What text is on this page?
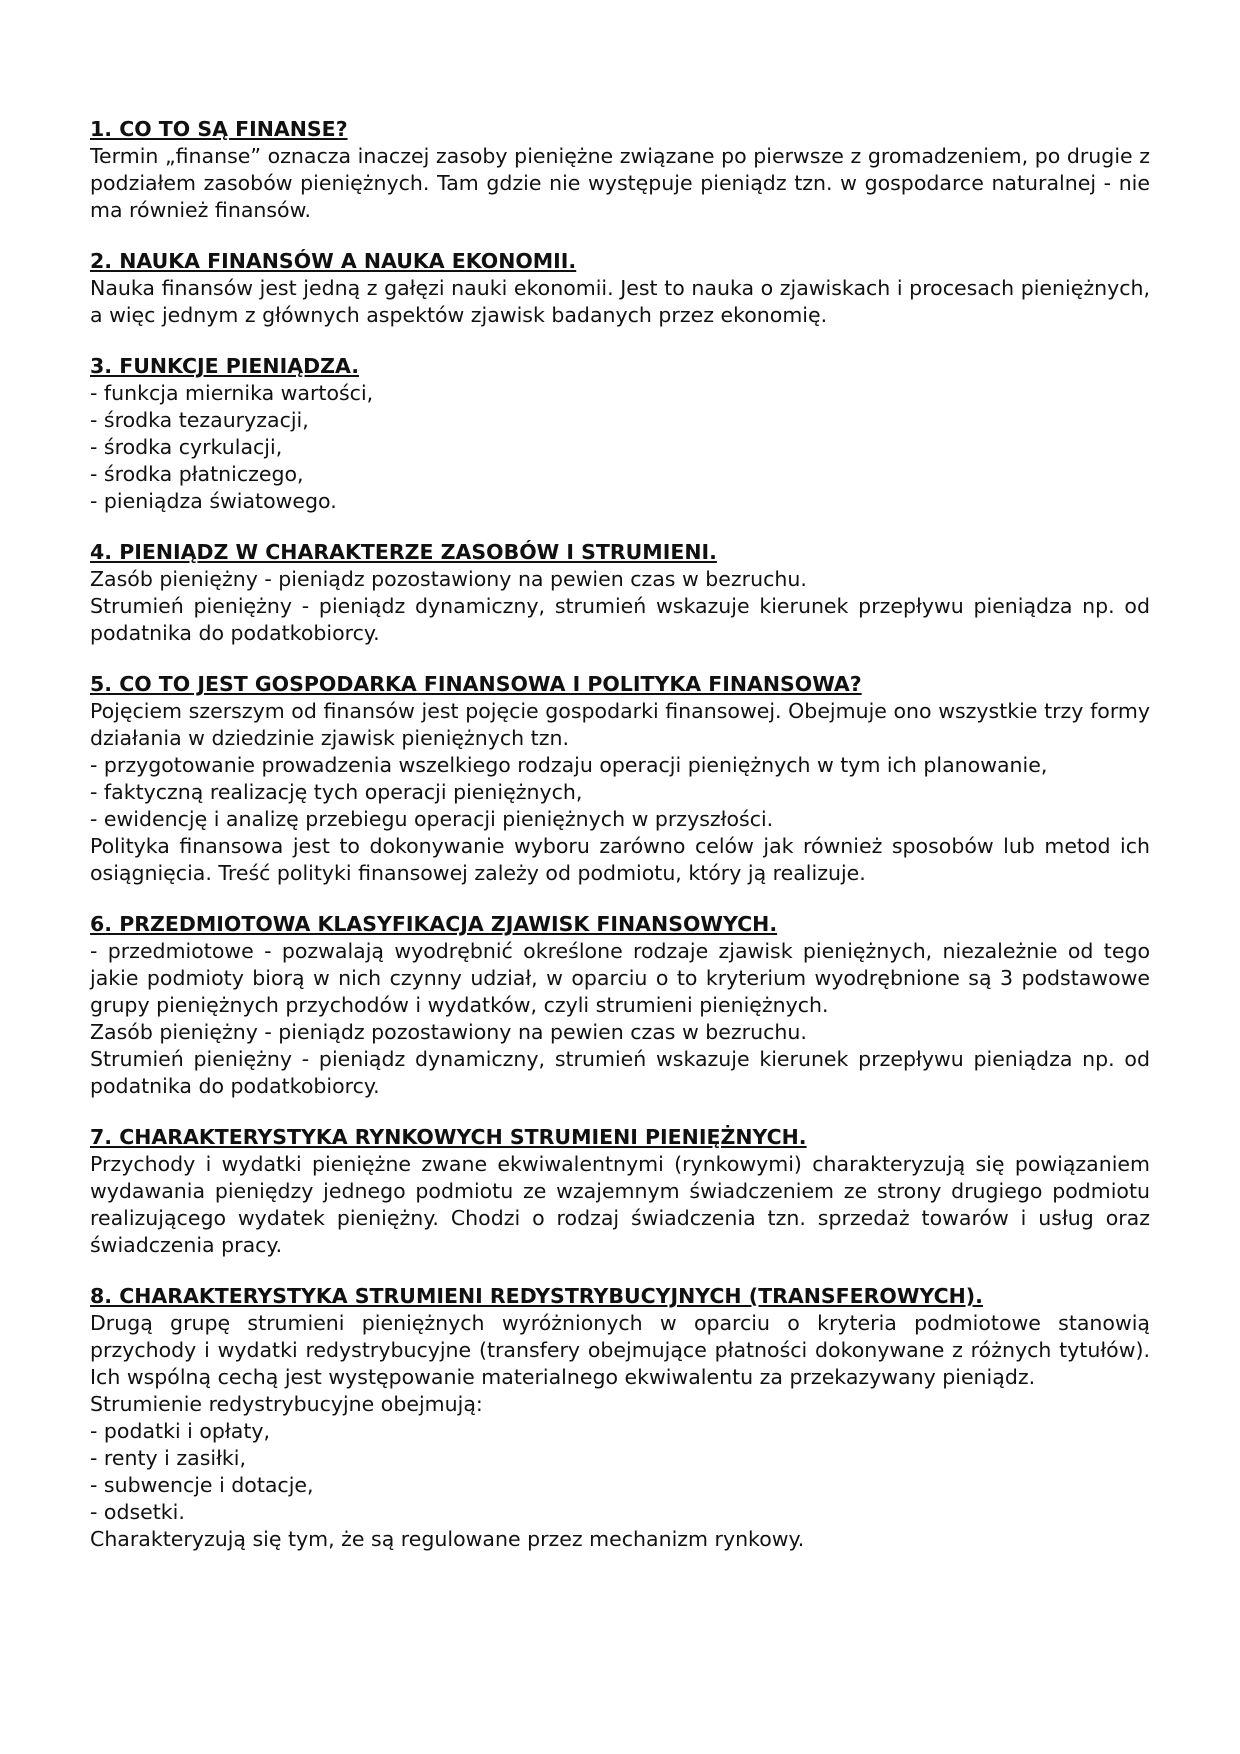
1. CO TO SĄ FINANSE?

Termin „finanse” oznacza inaczej zasoby pieniężne związane po pierwsze z gromadzeniem, po drugie z podziałem zasobów pieniężnych. Tam gdzie nie występuje pieniądz tzn. w gospodarce naturalnej - nie ma również finansów.

2. NAUKA FINANSÓW A NAUKA EKONOMII.

Nauka finansów jest jedną z gałęzi nauki ekonomii. Jest to nauka o zjawiskach i procesach pieniężnych, a więc jednym z głównych aspektów zjawisk badanych przez ekonomię.

3. FUNKCJE PIENIĄDZA.

- funkcja miernika wartości,

- środka tezauryzacji,

- środka cyrkulacji,

- środka płatniczego,

- pieniądza światowego.

4. PIENIĄDZ W CHARAKTERZE ZASOBÓW I STRUMIENI.

Zasób pieniężny - pieniądz pozostawiony na pewien czas w bezruchu.

Strumień pieniężny - pieniądz dynamiczny, strumień wskazuje kierunek przepływu pieniądza np. od podatnika do podatkobiorcy.

5. CO TO JEST GOSPODARKA FINANSOWA I POLITYKA FINANSOWA?

Pojęciem szerszym od finansów jest pojęcie gospodarki finansowej. Obejmuje ono wszystkie trzy formy działania w dziedzinie zjawisk pieniężnych tzn.

- przygotowanie prowadzenia wszelkiego rodzaju operacji pieniężnych w tym ich planowanie,

- faktyczną realizację tych operacji pieniężnych,

- ewidencję i analizę przebiegu operacji pieniężnych w przyszłości.

Polityka finansowa jest to dokonywanie wyboru zarówno celów jak również sposobów lub metod ich osiągnięcia. Treść polityki finansowej zależy od podmiotu, który ją realizuje.

6. PRZEDMIOTOWA KLASYFIKACJA ZJAWISK FINANSOWYCH.

- przedmiotowe - pozwalają wyodrębnić określone rodzaje zjawisk pieniężnych, niezależnie od tego jakie podmioty biorą w nich czynny udział, w oparciu o to kryterium wyodrębnione są 3 podstawowe grupy pieniężnych przychodów i wydatków, czyli strumieni pieniężnych.

Zasób pieniężny - pieniądz pozostawiony na pewien czas w bezruchu.

Strumień pieniężny - pieniądz dynamiczny, strumień wskazuje kierunek przepływu pieniądza np. od podatnika do podatkobiorcy.

7. CHARAKTERYSTYKA RYNKOWYCH STRUMIENI PIENIĘŻNYCH.

Przychody i wydatki pieniężne zwane ekwiwalentnymi (rynkowymi) charakteryzują się powiązaniem wydawania pieniędzy jednego podmiotu ze wzajemnym świadczeniem ze strony drugiego podmiotu realizującego wydatek pieniężny. Chodzi o rodzaj świadczenia tzn. sprzedaż towarów i usług oraz świadczenia pracy.

8. CHARAKTERYSTYKA STRUMIENI REDYSTRYBUCYJNYCH (TRANSFEROWYCH).

Drugą grupę strumieni pieniężnych wyróżnionych w oparciu o kryteria podmiotowe stanowią przychody i wydatki redystrybucyjne (transfery obejmujące płatności dokonywane z różnych tytułów). Ich wspólną cechą jest występowanie materialnego ekwiwalentu za przekazywany pieniądz.

Strumienie redystrybucyjne obejmują:

- podatki i opłaty,

- renty i zasiłki,

- subwencje i dotacje,

- odsetki.

Charakteryzują się tym, że są regulowane przez mechanizm rynkowy.
